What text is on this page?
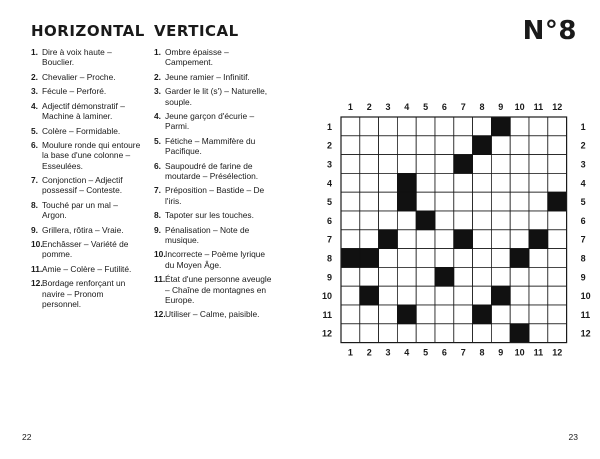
HORIZONTAL
1. Dire à voix haute – Bouclier.
2. Chevalier – Proche.
3. Fécule – Perforé.
4. Adjectif démonstratif – Machine à laminer.
5. Colère – Formidable.
6. Moulure ronde qui entoure la base d'une colonne – Esseulées.
7. Conjonction – Adjectif possessif – Conteste.
8. Touché par un mal – Argon.
9. Grillera, rôtira – Vraie.
10. Enchâsser – Variété de pomme.
11. Amie – Colère – Futilité.
12. Bordage renforçant un navire – Pronom personnel.
VERTICAL
1. Ombre épaisse – Campement.
2. Jeune ramier – Infinitif.
3. Garder le lit (s') – Naturelle, souple.
4. Jeune garçon d'écurie – Parmi.
5. Fétiche – Mammifère du Pacifique.
6. Saupoudré de farine de moutarde – Présélection.
7. Préposition – Bastide – De l'iris.
8. Tapoter sur les touches.
9. Pénalisation – Note de musique.
10. Incorrecte – Poème lyrique du Moyen Âge.
11. État d'une personne aveugle – Chaîne de montagnes en Europe.
12. Utiliser – Calme, paisible.
N°8
1
1
2
2
3
3
4
4
5
5
6
6
7
7
8
8
9
9
10
10
11
11
12
12
1	1
2	2
3	3
4	4
5	5
6	6
7	7
8	8
9	9
10	10
11	11
12	12
22	23
